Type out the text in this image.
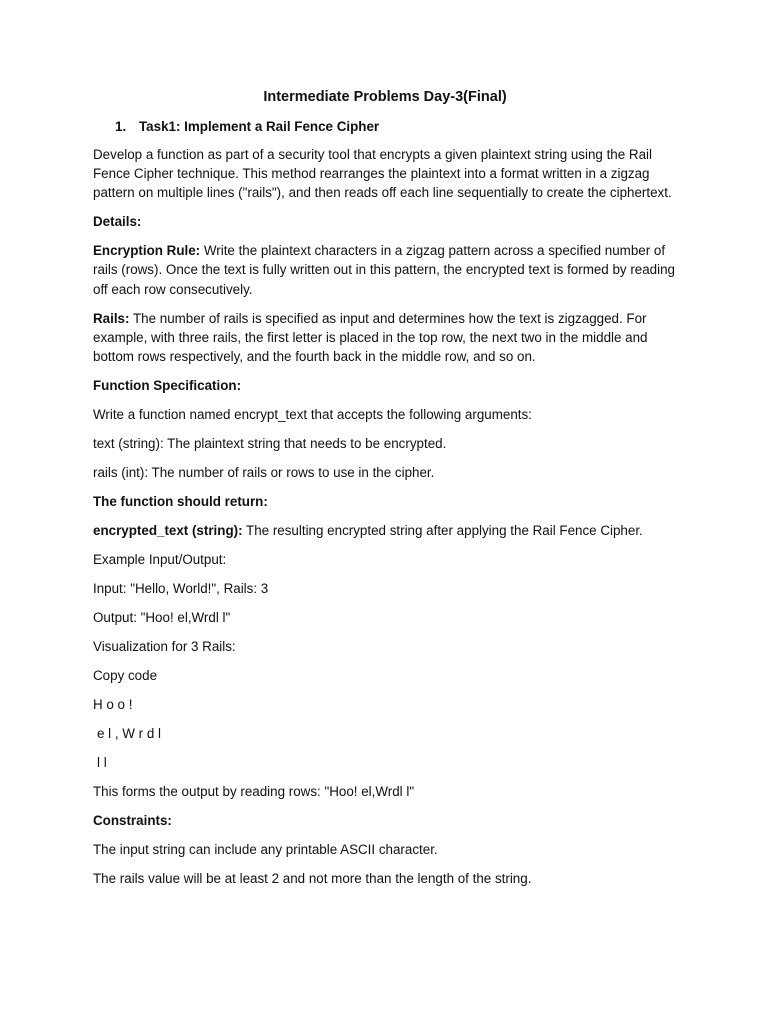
Intermediate Problems Day-3(Final)
1. Task1: Implement a Rail Fence Cipher

Develop a function as part of a security tool that encrypts a given plaintext string using the Rail Fence Cipher technique. This method rearranges the plaintext into a format written in a zigzag pattern on multiple lines ("rails"), and then reads off each line sequentially to create the ciphertext.

Details:

Encryption Rule: Write the plaintext characters in a zigzag pattern across a specified number of rails (rows). Once the text is fully written out in this pattern, the encrypted text is formed by reading off each row consecutively.

Rails: The number of rails is specified as input and determines how the text is zigzagged. For example, with three rails, the first letter is placed in the top row, the next two in the middle and bottom rows respectively, and the fourth back in the middle row, and so on.

Function Specification:

Write a function named encrypt_text that accepts the following arguments:

text (string): The plaintext string that needs to be encrypted.

rails (int): The number of rails or rows to use in the cipher.

The function should return:

encrypted_text (string): The resulting encrypted string after applying the Rail Fence Cipher.

Example Input/Output:

Input: "Hello, World!", Rails: 3

Output: "Hoo! el,Wrdl l"

Visualization for 3 Rails:

Copy code

H o o !

e l , W r d l

l l

This forms the output by reading rows: "Hoo! el,Wrdl l"

Constraints:

The input string can include any printable ASCII character.

The rails value will be at least 2 and not more than the length of the string.
